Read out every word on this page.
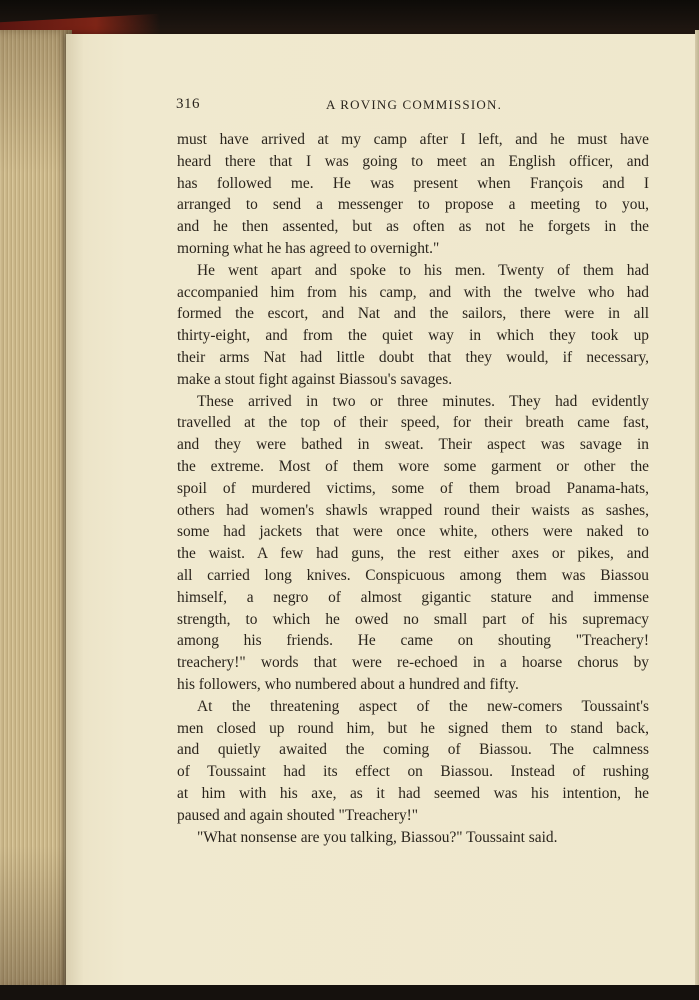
316	A ROVING COMMISSION.
must have arrived at my camp after I left, and he must have
heard there that I was going to meet an English officer, and
has followed me. He was present when François and I
arranged to send a messenger to propose a meeting to you,
and he then assented, but as often as not he forgets in the
morning what he has agreed to overnight."
He went apart and spoke to his men. Twenty of them had
accompanied him from his camp, and with the twelve who had
formed the escort, and Nat and the sailors, there were in all
thirty-eight, and from the quiet way in which they took up
their arms Nat had little doubt that they would, if necessary,
make a stout fight against Biassou's savages.
These arrived in two or three minutes. They had evidently
travelled at the top of their speed, for their breath came fast,
and they were bathed in sweat. Their aspect was savage in
the extreme. Most of them wore some garment or other the
spoil of murdered victims, some of them broad Panama-hats,
others had women's shawls wrapped round their waists as sashes,
some had jackets that were once white, others were naked to
the waist. A few had guns, the rest either axes or pikes, and
all carried long knives. Conspicuous among them was Biassou
himself, a negro of almost gigantic stature and immense
strength, to which he owed no small part of his supremacy
among his friends. He came on shouting "Treachery!
treachery!" words that were re-echoed in a hoarse chorus by
his followers, who numbered about a hundred and fifty.
At the threatening aspect of the new-comers Toussaint's
men closed up round him, but he signed them to stand back,
and quietly awaited the coming of Biassou. The calmness
of Toussaint had its effect on Biassou. Instead of rushing
at him with his axe, as it had seemed was his intention, he
paused and again shouted "Treachery!"
"What nonsense are you talking, Biassou?" Toussaint said.
